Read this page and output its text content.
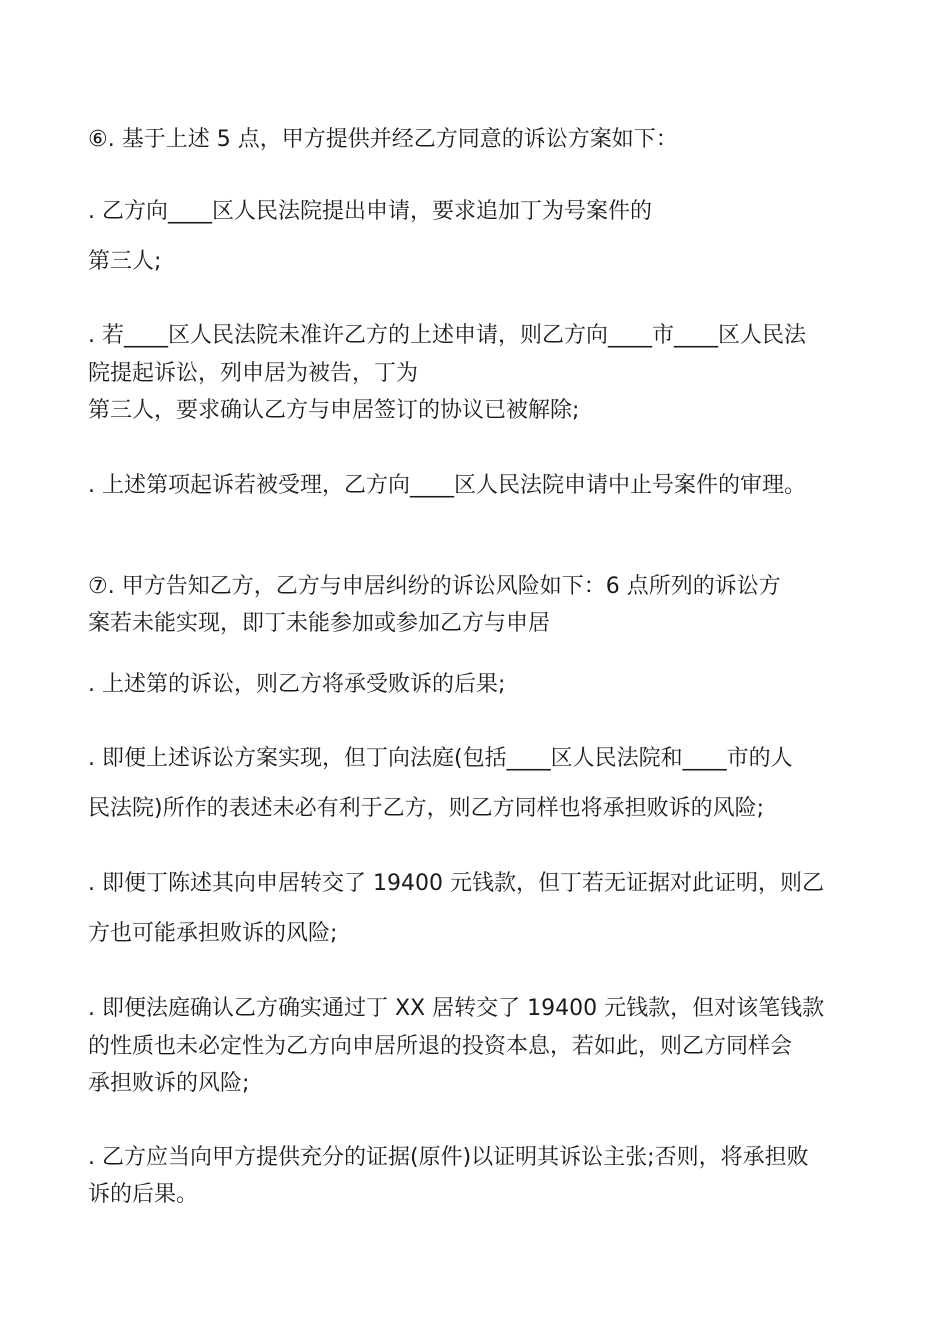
⑥. 基于上述 5 点，甲方提供并经乙方同意的诉讼方案如下：
. 乙方向____区人民法院提出申请，要求追加丁为号案件的
第三人;
. 若____区人民法院未准许乙方的上述申请，则乙方向____市____区人民法
院提起诉讼，列申居为被告，丁为
第三人，要求确认乙方与申居签订的协议已被解除;
. 上述第项起诉若被受理，乙方向____区人民法院申请中止号案件的审理。
⑦. 甲方告知乙方，乙方与申居纠纷的诉讼风险如下：6 点所列的诉讼方
案若未能实现，即丁未能参加或参加乙方与申居
. 上述第的诉讼，则乙方将承受败诉的后果;
. 即便上述诉讼方案实现，但丁向法庭(包括____区人民法院和____市的人
民法院)所作的表述未必有利于乙方，则乙方同样也将承担败诉的风险;
. 即便丁陈述其向申居转交了 19400 元钱款，但丁若无证据对此证明，则乙
方也可能承担败诉的风险;
. 即便法庭确认乙方确实通过丁 XX 居转交了 19400 元钱款，但对该笔钱款
的性质也未必定性为乙方向申居所退的投资本息，若如此，则乙方同样会
承担败诉的风险;
. 乙方应当向甲方提供充分的证据(原件)以证明其诉讼主张;否则，将承担败
诉的后果。
